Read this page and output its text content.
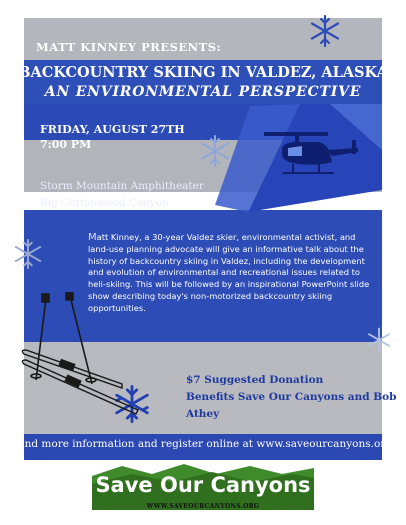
MATT KINNEY PRESENTS:
BACKCOUNTRY SKIING IN VALDEZ, ALASKA
AN ENVIRONMENTAL PERSPECTIVE
FRIDAY, AUGUST 27TH
7:00 PM
Storm Mountain Amphitheater
Big Cottonwood Canyon
Matt Kinney, a 30-year Valdez skier, environmental activist, and land-use planning advocate will give an informative talk about the history of backcountry skiing in Valdez, including the development and evolution of environmental and recreational issues related to heli-skiing. This will be followed by an inspirational PowerPoint slide show describing today's non-motorized backcountry skiing opportunities.
$7 Suggested Donation
Benefits Save Our Canyons and Bob Athey
Find more information and register online at www.saveourcanyons.org
Save Our Canyons
WWW.SAVEOURCANYONS.ORG
